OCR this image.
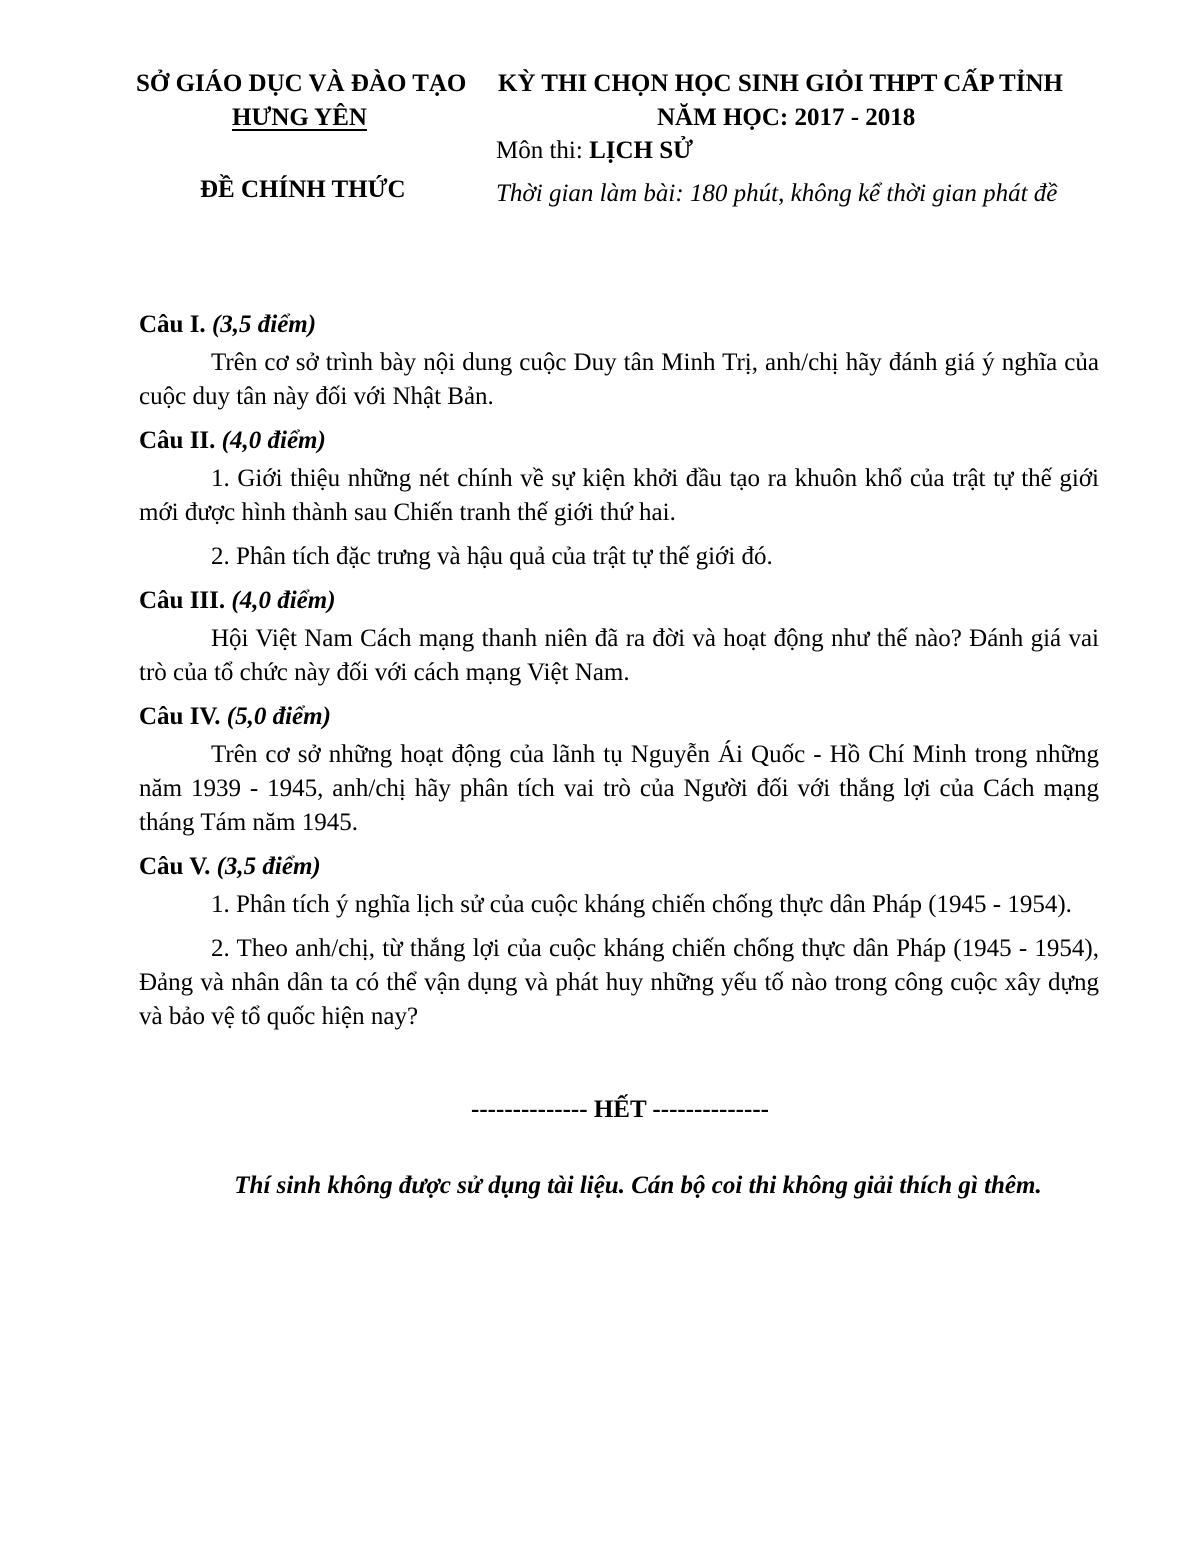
SỞ GIÁO DỤC VÀ ĐÀO TẠO
HƯNG YÊN
ĐỀ CHÍNH THỨC
KỲ THI CHỌN HỌC SINH GIỎI THPT CẤP TỈNH
NĂM HỌC: 2017 - 2018
Môn thi: LỊCH SỬ
Thời gian làm bài: 180 phút, không kể thời gian phát đề
Câu I. (3,5 điểm)

Trên cơ sở trình bày nội dung cuộc Duy tân Minh Trị, anh/chị hãy đánh giá ý nghĩa của cuộc duy tân này đối với Nhật Bản.

Câu II. (4,0 điểm)

1. Giới thiệu những nét chính về sự kiện khởi đầu tạo ra khuôn khổ của trật tự thế giới mới được hình thành sau Chiến tranh thế giới thứ hai.

2. Phân tích đặc trưng và hậu quả của trật tự thế giới đó.

Câu III. (4,0 điểm)

Hội Việt Nam Cách mạng thanh niên đã ra đời và hoạt động như thế nào? Đánh giá vai trò của tổ chức này đối với cách mạng Việt Nam.

Câu IV. (5,0 điểm)

Trên cơ sở những hoạt động của lãnh tụ Nguyễn Ái Quốc - Hồ Chí Minh trong những năm 1939 - 1945, anh/chị hãy phân tích vai trò của Người đối với thắng lợi của Cách mạng tháng Tám năm 1945.

Câu V. (3,5 điểm)

1. Phân tích ý nghĩa lịch sử của cuộc kháng chiến chống thực dân Pháp (1945 - 1954).

2. Theo anh/chị, từ thắng lợi của cuộc kháng chiến chống thực dân Pháp (1945 - 1954), Đảng và nhân dân ta có thể vận dụng và phát huy những yếu tố nào trong công cuộc xây dựng và bảo vệ tổ quốc hiện nay?

-------------- HẾT --------------
Thí sinh không được sử dụng tài liệu. Cán bộ coi thi không giải thích gì thêm.
